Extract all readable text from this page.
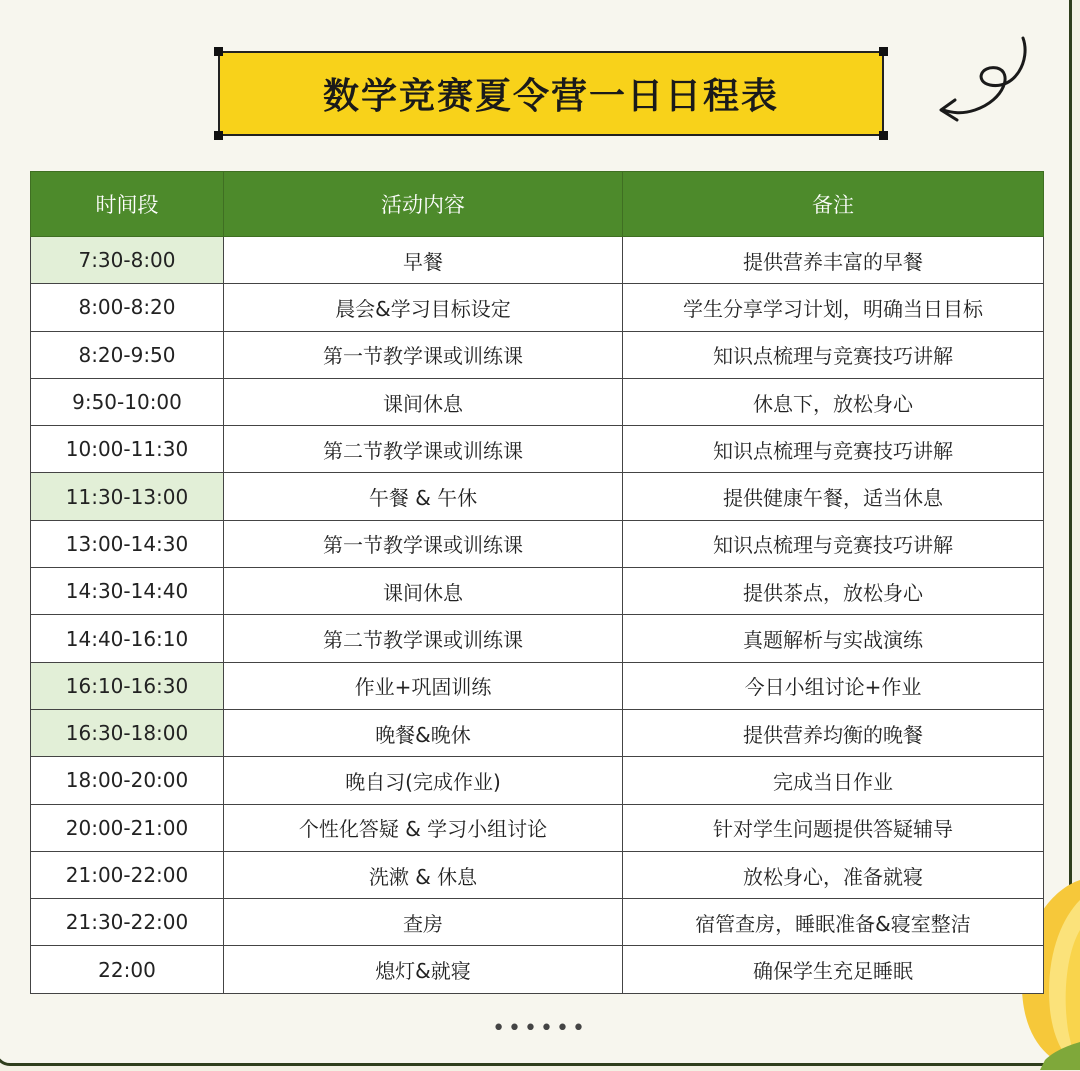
数学竞赛夏令营一日日程表
时间段	活动内容	备注
7:30-8:00	早餐	提供营养丰富的早餐
8:00-8:20	晨会&学习目标设定	学生分享学习计划，明确当日目标
8:20-9:50	第一节教学课或训练课	知识点梳理与竞赛技巧讲解
9:50-10:00	课间休息	休息下，放松身心
10:00-11:30	第二节教学课或训练课	知识点梳理与竞赛技巧讲解
11:30-13:00	午餐 & 午休	提供健康午餐，适当休息
13:00-14:30	第一节教学课或训练课	知识点梳理与竞赛技巧讲解
14:30-14:40	课间休息	提供茶点，放松身心
14:40-16:10	第二节教学课或训练课	真题解析与实战演练
16:10-16:30	作业+巩固训练	今日小组讨论+作业
16:30-18:00	晚餐&晚休	提供营养均衡的晚餐
18:00-20:00	晚自习(完成作业)	完成当日作业
20:00-21:00	个性化答疑 & 学习小组讨论	针对学生问题提供答疑辅导
21:00-22:00	洗漱 & 休息	放松身心，准备就寝
21:30-22:00	查房	宿管查房，睡眠准备&寝室整洁
22:00	熄灯&就寝	确保学生充足睡眠
••••••
